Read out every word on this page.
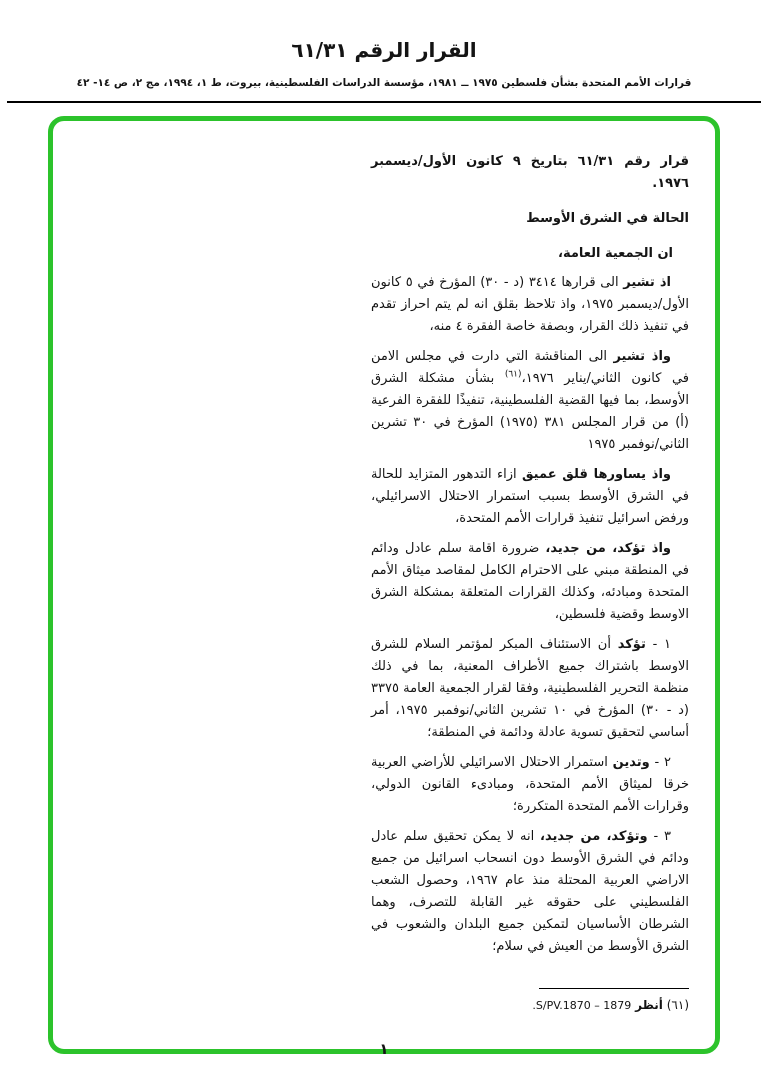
القرار الرقم ٦١/٣١
قرارات الأمم المتحدة بشأن فلسطين ١٩٧٥ ــ ١٩٨١، مؤسسة الدراسات الفلسطينية، بيروت، ط ١، ١٩٩٤، مج ٢، ص ١٤- ٤٢
قرار رقم ٦١/٣١ بتاريخ ٩ كانون الأول/ديسمبر ١٩٧٦.
الحالة في الشرق الأوسط
ان الجمعية العامة،

اذ تشير الى قرارها ٣٤١٤ (د - ٣٠) المؤرخ في ٥ كانون الأول/ديسمبر ١٩٧٥، واذ تلاحظ بقلق انه لم يتم احراز تقدم في تنفيذ ذلك القرار، وبصفة خاصة الفقرة ٤ منه،

واذ تشير الى المناقشة التي دارت في مجلس الامن في كانون الثاني/يناير ١٩٧٦،$^{(٦١)}$ بشأن مشكلة الشرق الأوسط، بما فيها القضية الفلسطينية، تنفيذًا للفقرة الفرعية (أ) من قرار المجلس ٣٨١ (١٩٧٥) المؤرخ في ٣٠ تشرين الثاني/نوفمبر ١٩٧٥

واذ يساورها قلق عميق ازاء التدهور المتزايد للحالة في الشرق الأوسط بسبب استمرار الاحتلال الاسرائيلي، ورفض اسرائيل تنفيذ قرارات الأمم المتحدة،

واذ تؤكد، من جديد، ضرورة اقامة سلم عادل ودائم في المنطقة مبني على الاحترام الكامل لمقاصد ميثاق الأمم المتحدة ومبادئه، وكذلك القرارات المتعلقة بمشكلة الشرق الاوسط وقضية فلسطين،

١ - تؤكد أن الاستئناف المبكر لمؤتمر السلام للشرق الاوسط باشتراك جميع الأطراف المعنية، بما في ذلك منظمة التحرير الفلسطينية، وفقا لقرار الجمعية العامة ٣٣٧٥ (د - ٣٠) المؤرخ في ١٠ تشرين الثاني/نوفمبر ١٩٧٥، أمر أساسي لتحقيق تسوية عادلة ودائمة في المنطقة؛

٢ - وتدين استمرار الاحتلال الاسرائيلي للأراضي العربية خرقا لميثاق الأمم المتحدة، ومبادىء القانون الدولي، وقرارات الأمم المتحدة المتكررة؛

٣ - وتؤكد، من جديد، انه لا يمكن تحقيق سلم عادل ودائم في الشرق الأوسط دون انسحاب اسرائيل من جميع الاراضي العربية المحتلة منذ عام ١٩٦٧، وحصول الشعب الفلسطيني على حقوقه غير القابلة للتصرف، وهما الشرطان الأساسيان لتمكين جميع البلدان والشعوب في الشرق الأوسط من العيش في سلام؛

(٦١) أنظر S/PV.1870 – 1879.
١
